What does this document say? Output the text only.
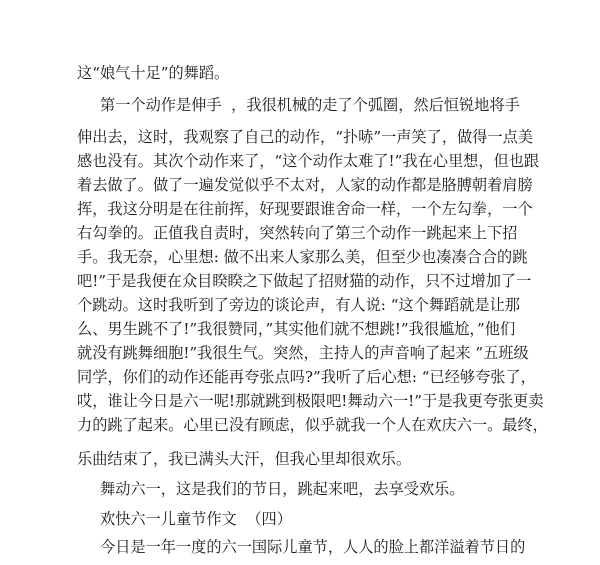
这“娘气十足”的舞蹈。
第一个动作是伸手  ，我很机械的走了个弧圈，然后恒锐地将手
伸出去，这时，我观察了自己的动作，“扑哧”一声笑了，做得一点美
感也没有。其次个动作来了，“这个动作太难了!”我在心里想，但也跟
着去做了。做了一遍发觉似乎不太对，人家的动作都是胳膊朝着肩膀
挥，我这分明是在往前挥，好现要跟谁舍命一样，一个左勾拳，一个
右勾拳的。正值我自责时，突然转向了第三个动作一跳起来上下招
手。我无奈，心里想: 做不出来人家那么美，但至少也凑凑合合的跳
吧!”于是我便在众目睽睽之下做起了招财猫的动作，只不过增加了一
个跳动。这时我听到了旁边的谈论声，有人说: “这个舞蹈就是让那
么、男生跳不了!”我很赞同，”其实他们就不想跳!”我很尴尬，”他们
就没有跳舞细胞!”我很生气。突然，主持人的声音响了起来 ”五班级
同学，你们的动作还能再夸张点吗?”我听了后心想: “已经够夸张了，
哎，谁让今日是六一呢!那就跳到极限吧!舞动六一!”于是我更夸张更卖
力的跳了起来。心里已没有顾虑，似乎就我一个人在欢庆六一。最终，
乐曲结束了，我已满头大汗，但我心里却很欢乐。
舞动六一，这是我们的节日，跳起来吧，去享受欢乐。
欢快六一儿童节作文  （四）
今日是一年一度的六一国际儿童节，人人的脸上都洋溢着节日的
